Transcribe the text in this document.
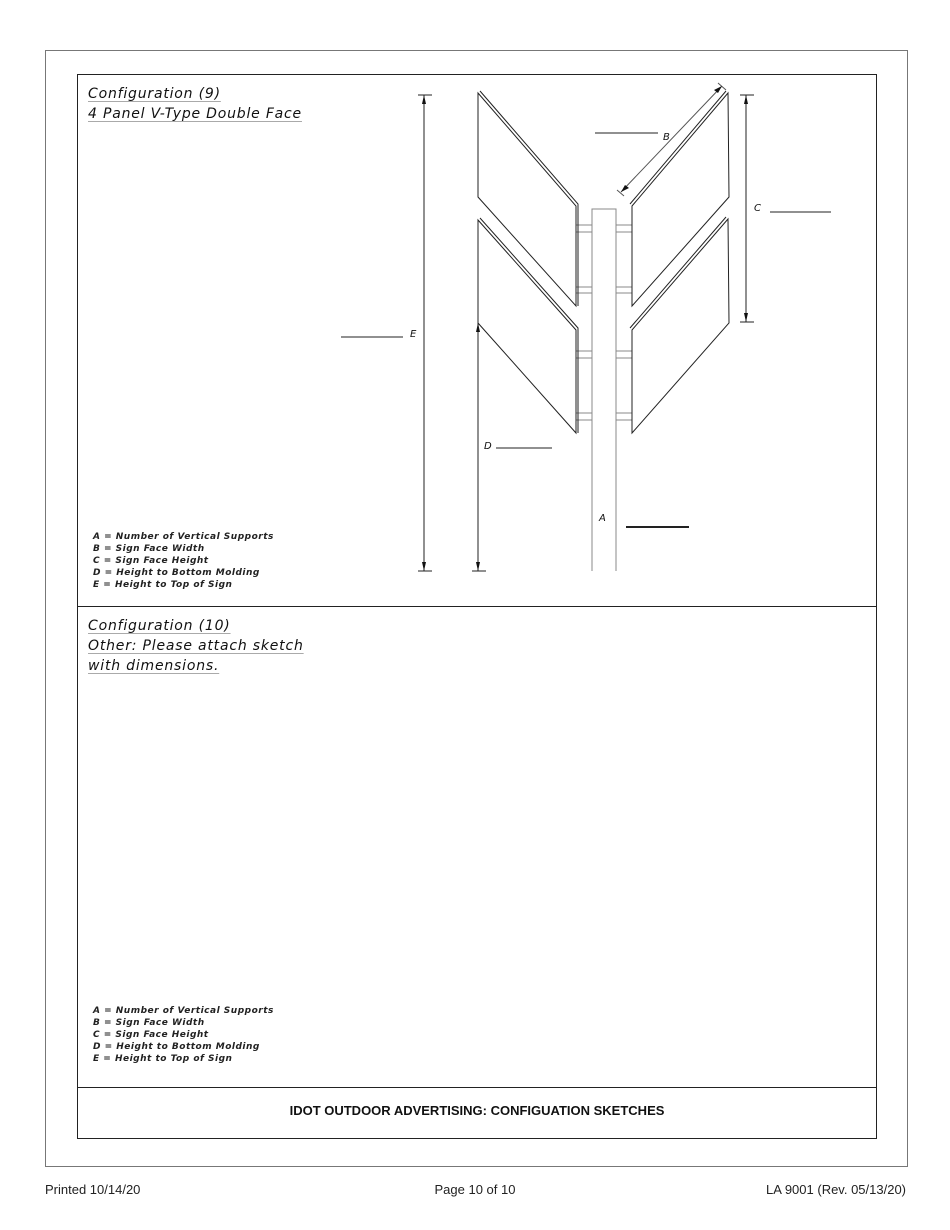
Configuration (9)
4 Panel V-Type Double Face
B
C
E
D
A
A = Number of Vertical Supports
B = Sign Face Width
C = Sign Face Height
D = Height to Bottom Molding
E = Height to Top of Sign
Configuration (10)
Other: Please attach sketch
with dimensions.
A = Number of Vertical Supports
B = Sign Face Width
C = Sign Face Height
D = Height to Bottom Molding
E = Height to Top of Sign
IDOT OUTDOOR ADVERTISING: CONFIGUATION SKETCHES
Printed 10/14/20	Page 10 of 10	LA 9001 (Rev. 05/13/20)
